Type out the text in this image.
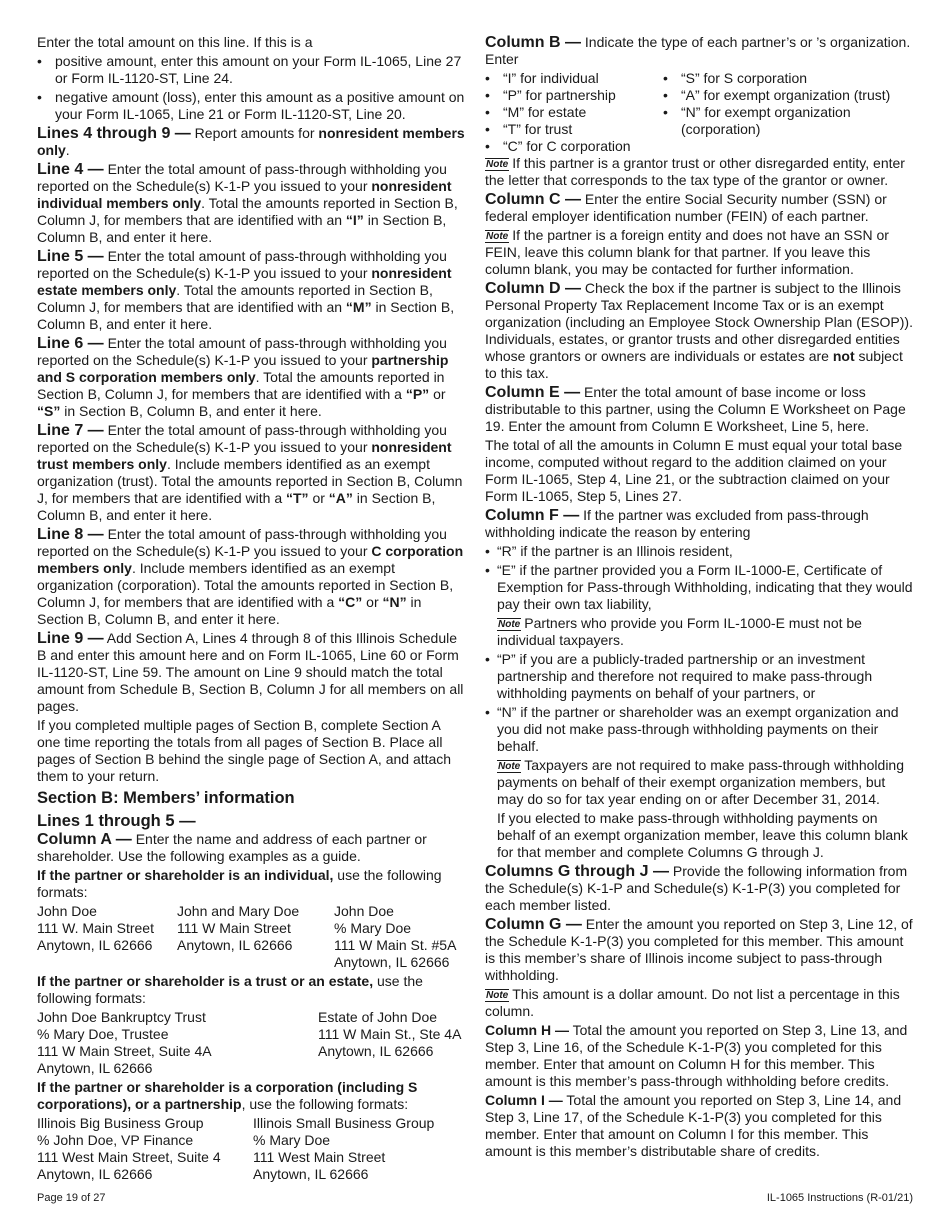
Enter the total amount on this line. If this is a

• positive amount, enter this amount on your Form IL-1065, Line 27 or Form IL-1120-ST, Line 24.
• negative amount (loss), enter this amount as a positive amount on your Form IL-1065, Line 21 or Form IL-1120-ST, Line 20.

Lines 4 through 9 — Report amounts for nonresident members only.

Line 4 — Enter the total amount of pass-through withholding you reported on the Schedule(s) K-1-P you issued to your nonresident individual members only. Total the amounts reported in Section B, Column J, for members that are identified with an “I” in Section B, Column B, and enter it here.

Line 5 — Enter the total amount of pass-through withholding you reported on the Schedule(s) K-1-P you issued to your nonresident estate members only. Total the amounts reported in Section B, Column J, for members that are identified with an “M” in Section B, Column B, and enter it here.

Line 6 — Enter the total amount of pass-through withholding you reported on the Schedule(s) K-1-P you issued to your partnership and S corporation members only. Total the amounts reported in Section B, Column J, for members that are identified with a “P” or “S” in Section B, Column B, and enter it here.

Line 7 — Enter the total amount of pass-through withholding you reported on the Schedule(s) K-1-P you issued to your nonresident trust members only. Include members identified as an exempt organization (trust). Total the amounts reported in Section B, Column J, for members that are identified with a “T” or “A” in Section B, Column B, and enter it here.

Line 8 — Enter the total amount of pass-through withholding you reported on the Schedule(s) K-1-P you issued to your C corporation members only. Include members identified as an exempt organization (corporation). Total the amounts reported in Section B, Column J, for members that are identified with a “C” or “N” in Section B, Column B, and enter it here.

Line 9 — Add Section A, Lines 4 through 8 of this Illinois Schedule B and enter this amount here and on Form IL-1065, Line 60 or Form IL-1120-ST, Line 59. The amount on Line 9 should match the total amount from Schedule B, Section B, Column J for all members on all pages.

If you completed multiple pages of Section B, complete Section A one time reporting the totals from all pages of Section B. Place all pages of Section B behind the single page of Section A, and attach them to your return.

Section B: Members’ information
Lines 1 through 5 —

Column A — Enter the name and address of each partner or shareholder. Use the following examples as a guide.

If the partner or shareholder is an individual, use the following formats:

John Doe	John and Mary Doe	John Doe
111 W. Main Street	111 W Main Street	% Mary Doe
Anytown, IL 62666	Anytown, IL 62666	111 W Main St. #5A
Anytown, IL 62666

If the partner or shareholder is a trust or an estate, use the following formats:

John Doe Bankruptcy Trust	Estate of John Doe
% Mary Doe, Trustee	111 W Main St., Ste 4A
111 W Main Street, Suite 4A	Anytown, IL 62666
Anytown, IL 62666

If the partner or shareholder is a corporation (including S corporations), or a partnership, use the following formats:

Illinois Big Business Group	Illinois Small Business Group
% John Doe, VP Finance	% Mary Doe
111 West Main Street, Suite 4	111 West Main Street
Anytown, IL 62666	Anytown, IL 62666

Column B — Indicate the type of each partner’s or ’s organization. Enter

• “I” for individual
• “P” for partnership
• “M” for estate
• “T” for trust
• “C” for C corporation
• “S” for S corporation
• “A” for exempt organization (trust)
• “N” for exempt organization (corporation)

Note If this partner is a grantor trust or other disregarded entity, enter the letter that corresponds to the tax type of the grantor or owner.

Column C — Enter the entire Social Security number (SSN) or federal employer identification number (FEIN) of each partner.

Note If the partner is a foreign entity and does not have an SSN or FEIN, leave this column blank for that partner. If you leave this column blank, you may be contacted for further information.

Column D — Check the box if the partner is subject to the Illinois Personal Property Tax Replacement Income Tax or is an exempt organization (including an Employee Stock Ownership Plan (ESOP)). Individuals, estates, or grantor trusts and other disregarded entities whose grantors or owners are individuals or estates are not subject to this tax.

Column E — Enter the total amount of base income or loss distributable to this partner, using the Column E Worksheet on Page 19. Enter the amount from Column E Worksheet, Line 5, here.

The total of all the amounts in Column E must equal your total base income, computed without regard to the addition claimed on your Form IL-1065, Step 4, Line 21, or the subtraction claimed on your Form IL-1065, Step 5, Lines 27.

Column F — If the partner was excluded from pass-through withholding indicate the reason by entering

• “R” if the partner is an Illinois resident,
• “E” if the partner provided you a Form IL-1000-E, Certificate of Exemption for Pass-through Withholding, indicating that they would pay their own tax liability,

Note Partners who provide you Form IL-1000-E must not be individual taxpayers.

• “P” if you are a publicly-traded partnership or an investment partnership and therefore not required to make pass-through withholding payments on behalf of your partners, or
• “N” if the partner or shareholder was an exempt organization and you did not make pass-through withholding payments on their behalf.

Note Taxpayers are not required to make pass-through withholding payments on behalf of their exempt organization members, but may do so for tax year ending on or after December 31, 2014.

If you elected to make pass-through withholding payments on behalf of an exempt organization member, leave this column blank for that member and complete Columns G through J.

Columns G through J — Provide the following information from the Schedule(s) K-1-P and Schedule(s) K-1-P(3) you completed for each member listed.

Column G — Enter the amount you reported on Step 3, Line 12, of the Schedule K-1-P(3) you completed for this member. This amount is this member’s share of Illinois income subject to pass-through withholding.

Note This amount is a dollar amount. Do not list a percentage in this column.

Column H — Total the amount you reported on Step 3, Line 13, and Step 3, Line 16, of the Schedule K-1-P(3) you completed for this member. Enter that amount on Column H for this member. This amount is this member’s pass-through withholding before credits.

Column I — Total the amount you reported on Step 3, Line 14, and Step 3, Line 17, of the Schedule K-1-P(3) you completed for this member. Enter that amount on Column I for this member. This amount is this member’s distributable share of credits.

Page 19 of 27	IL-1065 Instructions (R-01/21)
